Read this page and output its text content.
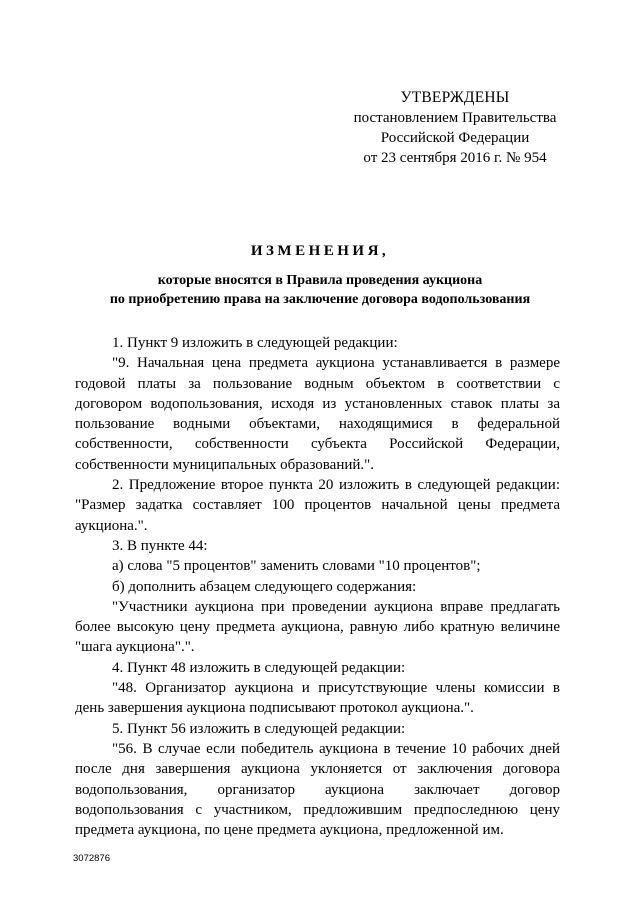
УТВЕРЖДЕНЫ
постановлением Правительства
Российской Федерации
от 23 сентября 2016 г. № 954
ИЗМЕНЕНИЯ,
которые вносятся в Правила проведения аукциона
по приобретению права на заключение договора водопользования

1. Пункт 9 изложить в следующей редакции:

"9. Начальная цена предмета аукциона устанавливается в размере годовой платы за пользование водным объектом в соответствии с договором водопользования, исходя из установленных ставок платы за пользование водными объектами, находящимися в федеральной собственности, собственности субъекта Российской Федерации, собственности муниципальных образований.".

2. Предложение второе пункта 20 изложить в следующей редакции: "Размер задатка составляет 100 процентов начальной цены предмета аукциона.".

3. В пункте 44:

а) слова "5 процентов" заменить словами "10 процентов";

б) дополнить абзацем следующего содержания:

"Участники аукциона при проведении аукциона вправе предлагать более высокую цену предмета аукциона, равную либо кратную величине "шага аукциона".".

4. Пункт 48 изложить в следующей редакции:

"48. Организатор аукциона и присутствующие члены комиссии в день завершения аукциона подписывают протокол аукциона.".

5. Пункт 56 изложить в следующей редакции:

"56. В случае если победитель аукциона в течение 10 рабочих дней после дня завершения аукциона уклоняется от заключения договора водопользования, организатор аукциона заключает договор водопользования с участником, предложившим предпоследнюю цену предмета аукциона, по цене предмета аукциона, предложенной им.

3072876
